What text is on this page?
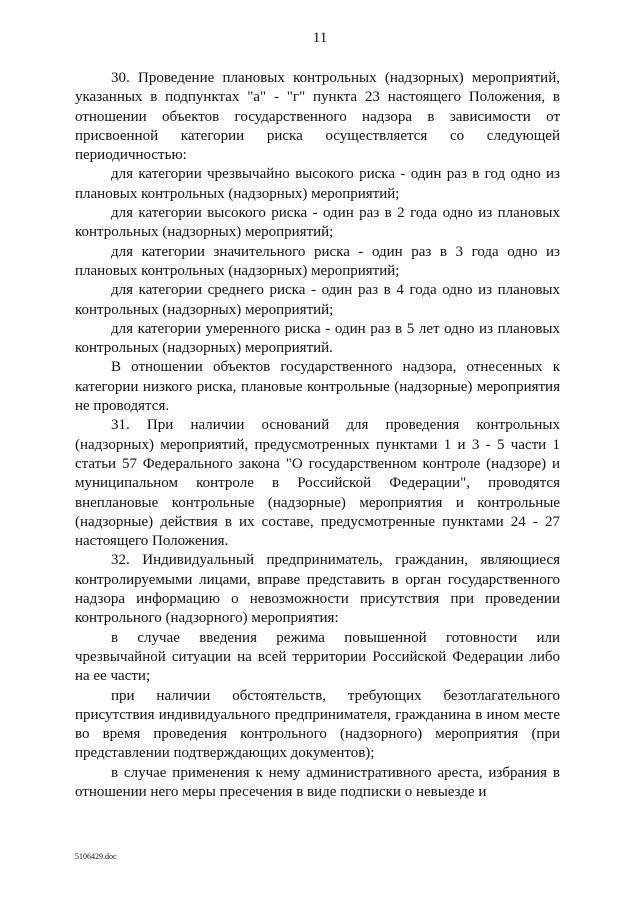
11

30. Проведение плановых контрольных (надзорных) мероприятий, указанных в подпунктах "а" - "г" пункта 23 настоящего Положения, в отношении объектов государственного надзора в зависимости от присвоенной категории риска осуществляется со следующей периодичностью:

для категории чрезвычайно высокого риска - один раз в год одно из плановых контрольных (надзорных) мероприятий;

для категории высокого риска - один раз в 2 года одно из плановых контрольных (надзорных) мероприятий;

для категории значительного риска - один раз в 3 года одно из плановых контрольных (надзорных) мероприятий;

для категории среднего риска - один раз в 4 года одно из плановых контрольных (надзорных) мероприятий;

для категории умеренного риска - один раз в 5 лет одно из плановых контрольных (надзорных) мероприятий.

В отношении объектов государственного надзора, отнесенных к категории низкого риска, плановые контрольные (надзорные) мероприятия не проводятся.

31. При наличии оснований для проведения контрольных (надзорных) мероприятий, предусмотренных пунктами 1 и 3 - 5 части 1 статьи 57 Федерального закона "О государственном контроле (надзоре) и муниципальном контроле в Российской Федерации", проводятся внеплановые контрольные (надзорные) мероприятия и контрольные (надзорные) действия в их составе, предусмотренные пунктами 24 - 27 настоящего Положения.

32. Индивидуальный предприниматель, гражданин, являющиеся контролируемыми лицами, вправе представить в орган государственного надзора информацию о невозможности присутствия при проведении контрольного (надзорного) мероприятия:

в случае введения режима повышенной готовности или чрезвычайной ситуации на всей территории Российской Федерации либо на ее части;

при наличии обстоятельств, требующих безотлагательного присутствия индивидуального предпринимателя, гражданина в ином месте во время проведения контрольного (надзорного) мероприятия (при представлении подтверждающих документов);

в случае применения к нему административного ареста, избрания в отношении него меры пресечения в виде подписки о невыезде и

5106429.doc
